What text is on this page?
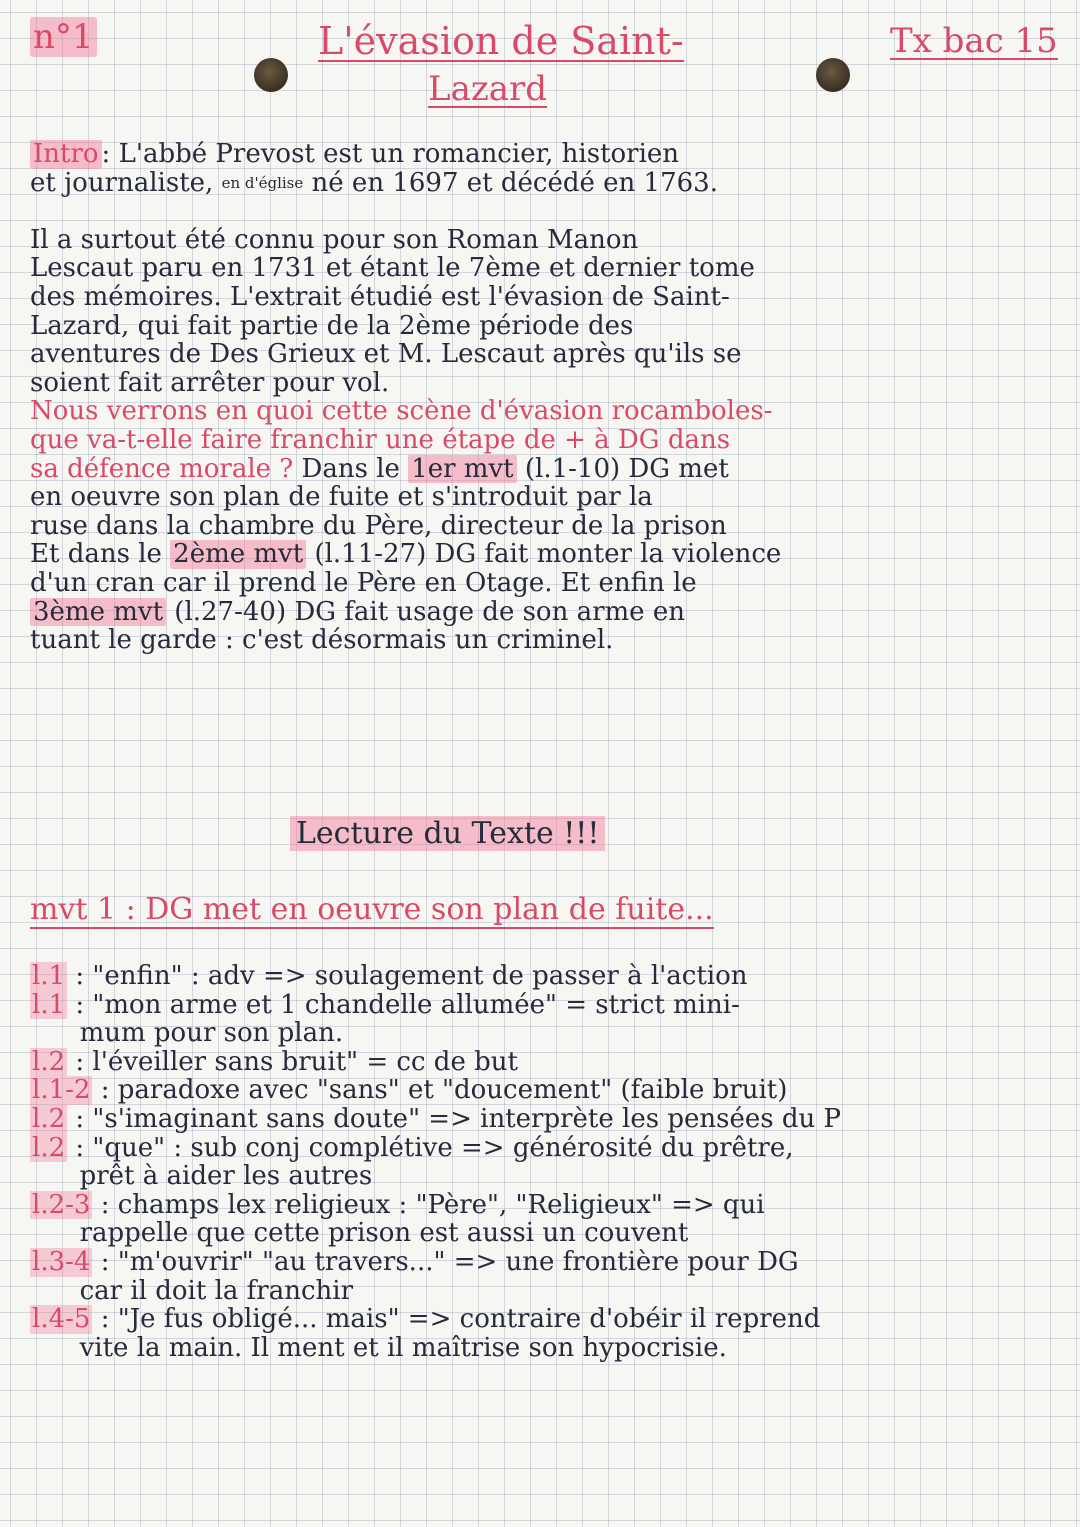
n°1	L'évasion de Saint-
Lazard
Tx bac 15
Intro : L'abbé Prevost est un romancier, historien
et journaliste, $^{en d'église}$ né en 1697 et décédé en 1763.
Il a surtout été connu pour son Roman Manon
Lescaut paru en 1731 et étant le 7ème et dernier tome
des mémoires. L'extrait étudié est l'évasion de Saint-
Lazard, qui fait partie de la 2ème période des
aventures de Des Grieux et M. Lescaut après qu'ils se
soient fait arrêter pour vol.
Nous verrons en quoi cette scène d'évasion rocamboles-
que va-t-elle faire franchir une étape de + à DG dans
sa défence morale ? Dans le 1er mvt (l.1-10) DG met
en oeuvre son plan de fuite et s'introduit par la
ruse dans la chambre du Père, directeur de la prison
Et dans le 2ème mvt (l.11-27) DG fait monter la violence
d'un cran car il prend le Père en Otage. Et enfin le
3ème mvt (l.27-40) DG fait usage de son arme en
tuant le garde : c'est désormais un criminel.
Lecture du Texte !!!
mvt 1 : DG met en oeuvre son plan de fuite...
l.1 : "enfin" : adv => soulagement de passer à l'action
l.1 : "mon arme et 1 chandelle allumée" = strict mini-
mum pour son plan.
l.2 : l'éveiller sans bruit" = cc de but
l.1-2 : paradoxe avec "sans" et "doucement" (faible bruit)
l.2 : "s'imaginant sans doute" => interprète les pensées du P
l.2 : "que" : sub conj complétive => générosité du prêtre,
prêt à aider les autres
l.2-3 : champs lex religieux : "Père", "Religieux" => qui
rappelle que cette prison est aussi un couvent
l.3-4 : "m'ouvrir" "au travers..." => une frontière pour DG
car il doit la franchir
l.4-5 : "Je fus obligé... mais" => contraire d'obéir il reprend
vite la main. Il ment et il maîtrise son hypocrisie.
